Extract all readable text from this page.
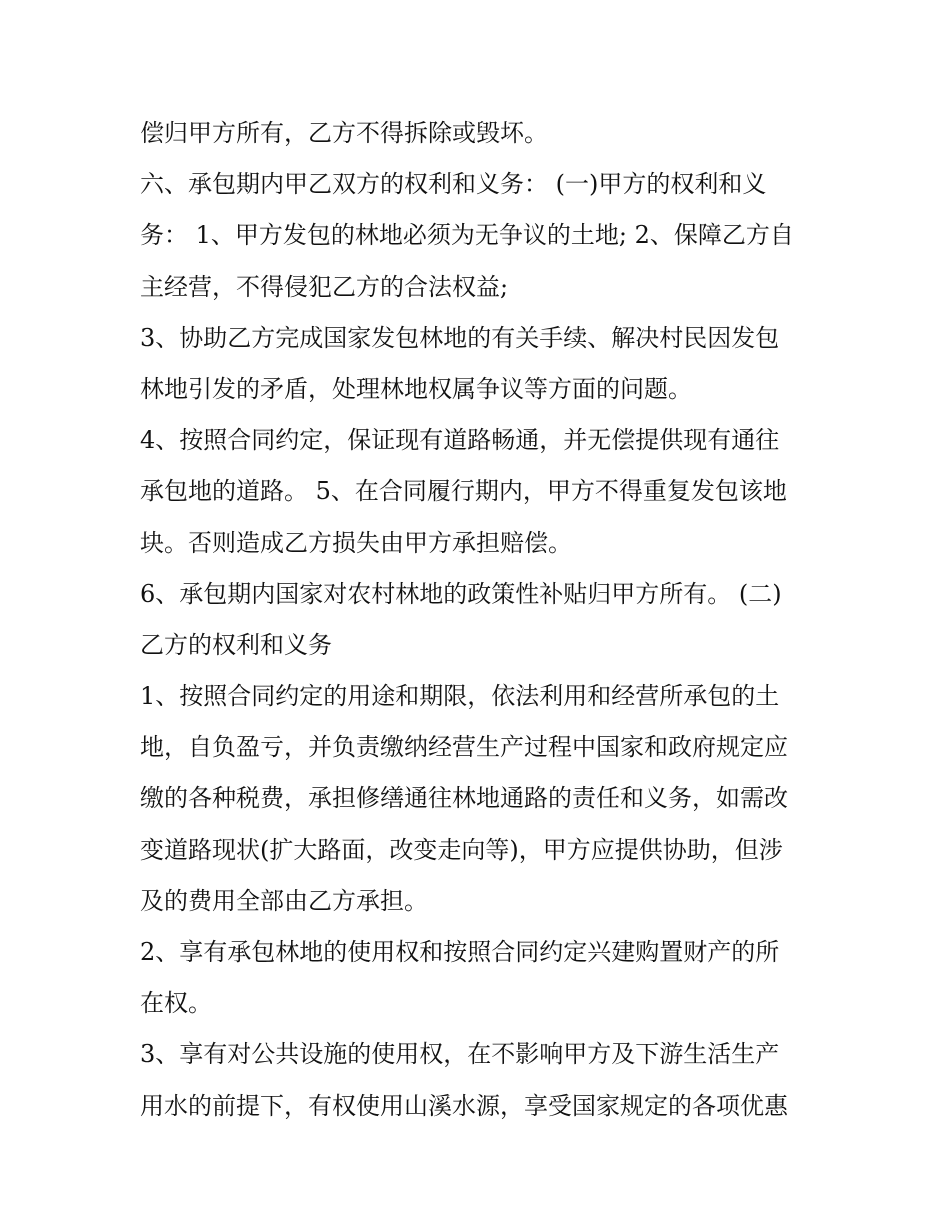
偿归甲方所有，乙方不得拆除或毁坏。

六、承包期内甲乙双方的权利和义务： (一)甲方的权利和义
务： 1、甲方发包的林地必须为无争议的土地; 2、保障乙方自
主经营，不得侵犯乙方的合法权益;

3、协助乙方完成国家发包林地的有关手续、解决村民因发包
林地引发的矛盾，处理林地权属争议等方面的问题。

4、按照合同约定，保证现有道路畅通，并无偿提供现有通往
承包地的道路。 5、在合同履行期内，甲方不得重复发包该地
块。否则造成乙方损失由甲方承担赔偿。

6、承包期内国家对农村林地的政策性补贴归甲方所有。 (二)
乙方的权利和义务

1、按照合同约定的用途和期限，依法利用和经营所承包的土
地，自负盈亏，并负责缴纳经营生产过程中国家和政府规定应
缴的各种税费，承担修缮通往林地通路的责任和义务，如需改
变道路现状(扩大路面，改变走向等)，甲方应提供协助，但涉
及的费用全部由乙方承担。

2、享有承包林地的使用权和按照合同约定兴建购置财产的所
在权。

3、享有对公共设施的使用权，在不影响甲方及下游生活生产
用水的前提下，有权使用山溪水源，享受国家规定的各项优惠
